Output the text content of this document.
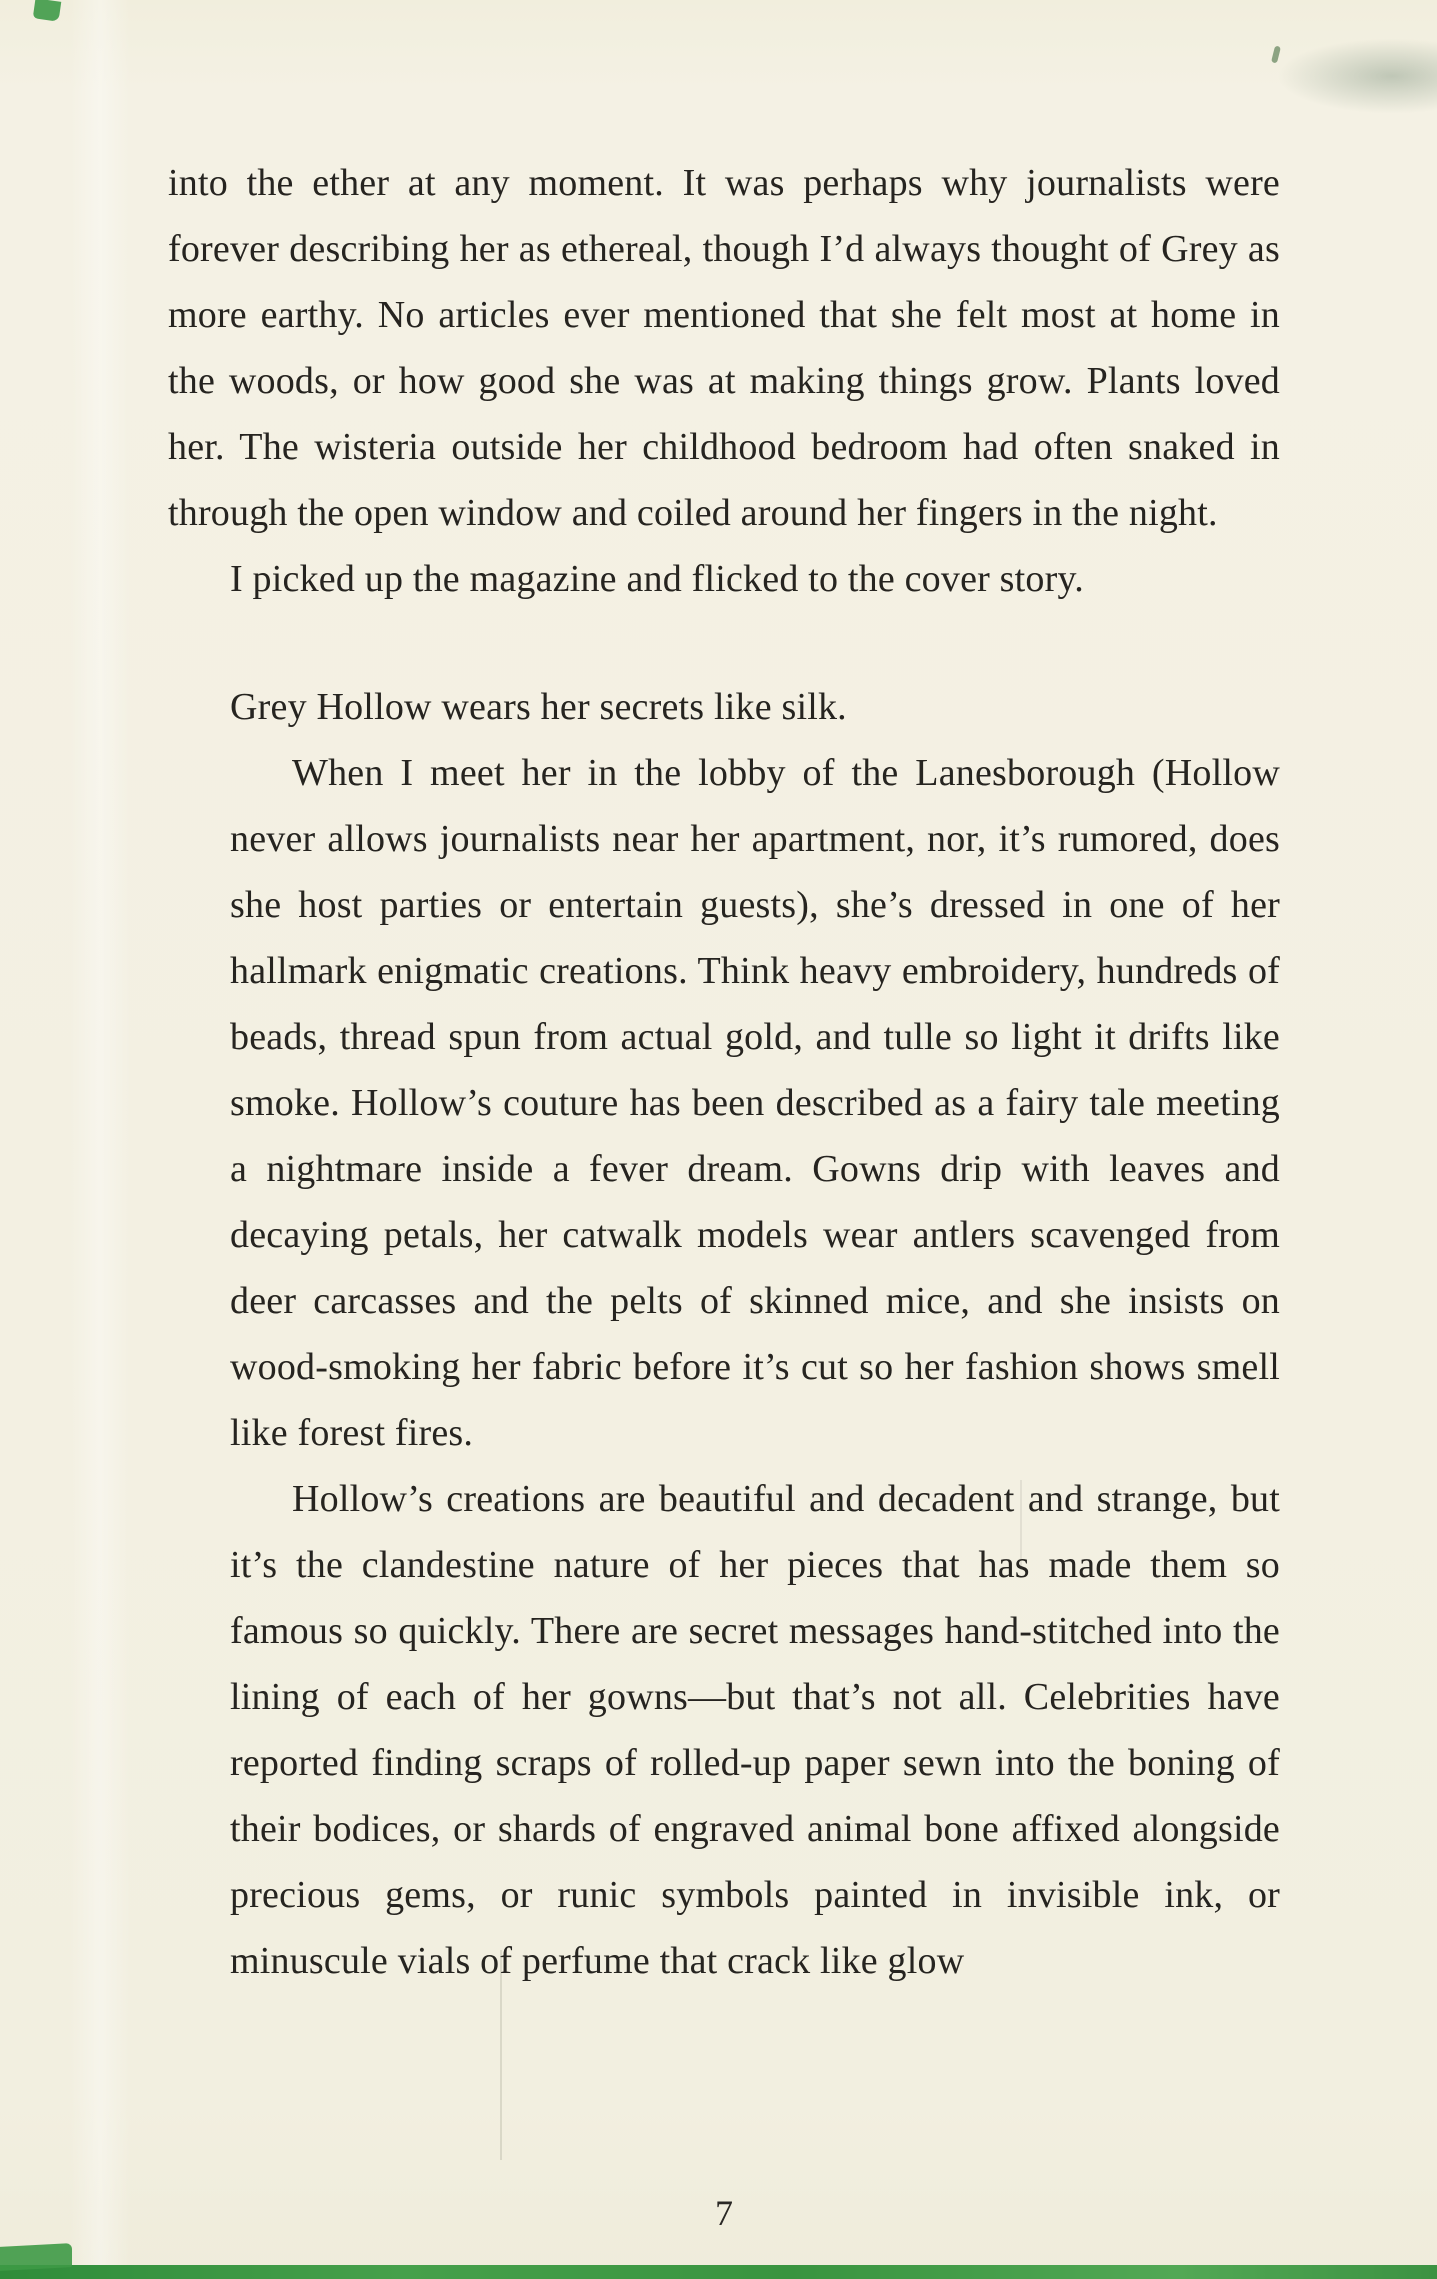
into the ether at any moment. It was perhaps why journalists were forever describing her as ethereal, though I’d always thought of Grey as more earthy. No articles ever mentioned that she felt most at home in the woods, or how good she was at making things grow. Plants loved her. The wisteria outside her childhood bedroom had often snaked in through the open window and coiled around her fingers in the night.

I picked up the magazine and flicked to the cover story.

Grey Hollow wears her secrets like silk.

When I meet her in the lobby of the Lanesborough (Hollow never allows journalists near her apartment, nor, it’s rumored, does she host parties or entertain guests), she’s dressed in one of her hallmark enigmatic creations. Think heavy embroidery, hundreds of beads, thread spun from actual gold, and tulle so light it drifts like smoke. Hollow’s couture has been described as a fairy tale meeting a nightmare inside a fever dream. Gowns drip with leaves and decaying petals, her catwalk models wear antlers scavenged from deer carcasses and the pelts of skinned mice, and she insists on wood-smoking her fabric before it’s cut so her fashion shows smell like forest fires.

Hollow’s creations are beautiful and decadent and strange, but it’s the clandestine nature of her pieces that has made them so famous so quickly. There are secret messages hand-stitched into the lining of each of her gowns—but that’s not all. Celebrities have reported finding scraps of rolled-up paper sewn into the boning of their bodices, or shards of engraved animal bone affixed alongside precious gems, or runic symbols painted in invisible ink, or minuscule vials of perfume that crack like glow

7
